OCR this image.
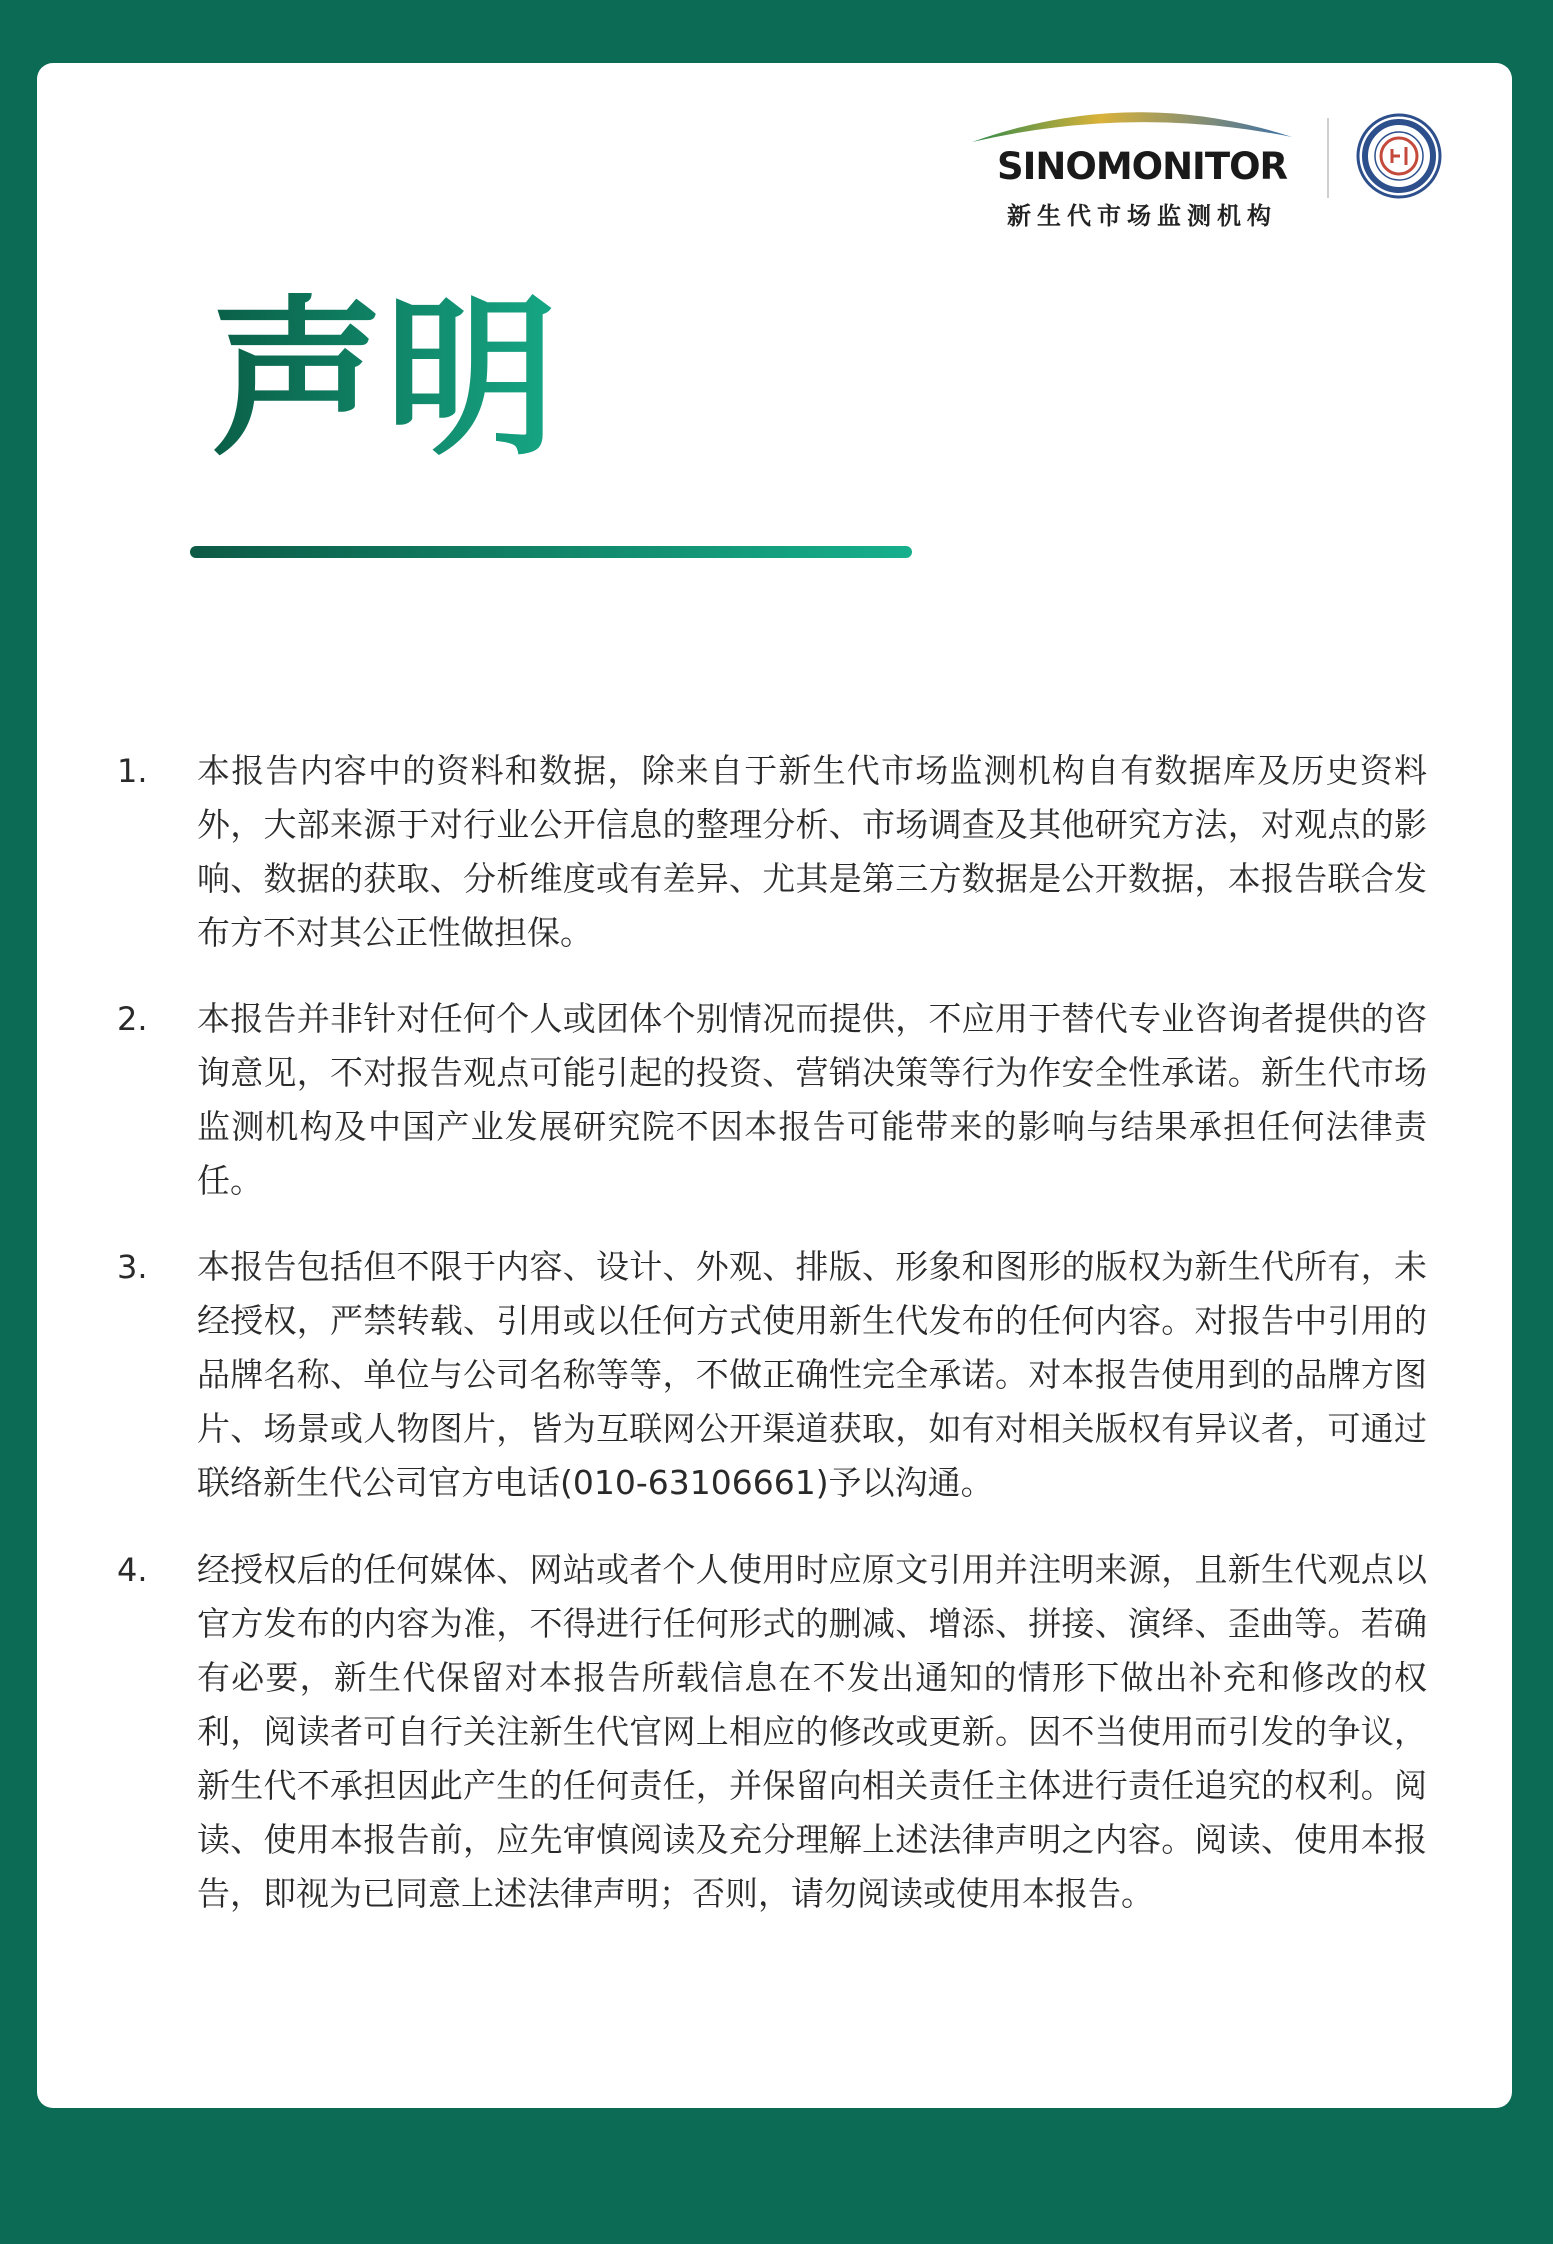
SINOMONITOR
新生代市场监测机构
声明
1. 本报告内容中的资料和数据，除来自于新生代市场监测机构自有数据库及历史资料外，大部来源于对行业公开信息的整理分析、市场调查及其他研究方法，对观点的影响、数据的获取、分析维度或有差异、尤其是第三方数据是公开数据，本报告联合发布方不对其公正性做担保。
2. 本报告并非针对任何个人或团体个别情况而提供，不应用于替代专业咨询者提供的咨询意见，不对报告观点可能引起的投资、营销决策等行为作安全性承诺。新生代市场监测机构及中国产业发展研究院不因本报告可能带来的影响与结果承担任何法律责任。
3. 本报告包括但不限于内容、设计、外观、排版、形象和图形的版权为新生代所有，未经授权，严禁转载、引用或以任何方式使用新生代发布的任何内容。对报告中引用的品牌名称、单位与公司名称等等，不做正确性完全承诺。对本报告使用到的品牌方图片、场景或人物图片，皆为互联网公开渠道获取，如有对相关版权有异议者，可通过联络新生代公司官方电话(010-63106661)予以沟通。
4. 经授权后的任何媒体、网站或者个人使用时应原文引用并注明来源，且新生代观点以官方发布的内容为准，不得进行任何形式的删减、增添、拼接、演绎、歪曲等。若确有必要，新生代保留对本报告所载信息在不发出通知的情形下做出补充和修改的权利，阅读者可自行关注新生代官网上相应的修改或更新。因不当使用而引发的争议，新生代不承担因此产生的任何责任，并保留向相关责任主体进行责任追究的权利。阅读、使用本报告前，应先审慎阅读及充分理解上述法律声明之内容。阅读、使用本报告，即视为已同意上述法律声明；否则，请勿阅读或使用本报告。
